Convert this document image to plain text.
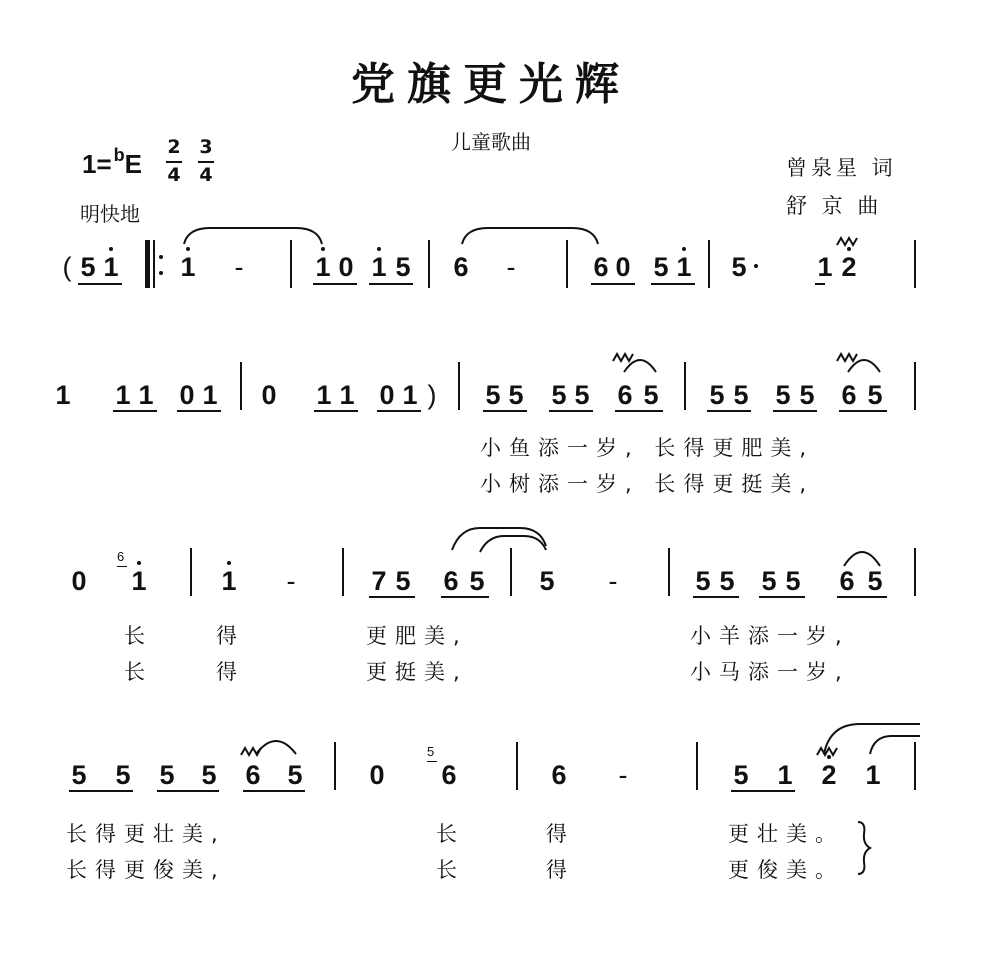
党旗更光辉
儿童歌曲
1= $^b$E
2
4
3
4
明快地
曾泉星 词
舒 京 曲
( 5 1 1 -	1 0 1 5 6 -	6 0 5 1 5	1 2
1 1 1 0 1 0 1 1 0 1 ) 5 5 5 5 6 5 5 5 5 5 6 5
小鱼添一岁, 长得更肥美,
小树添一岁, 长得更挺美,
0
6
1	1 -	7 5 6 5 5 -	5 5 5 5 6 5
长	得	更肥美,	小羊添一岁,
长	得	更挺美,	小马添一岁,
5 5 5 5 6 5 0
5
6	6 -	5 1 2 1
长得更壮美,	长	得	更壮美。
长得更俊美,	长	得	更俊美。
